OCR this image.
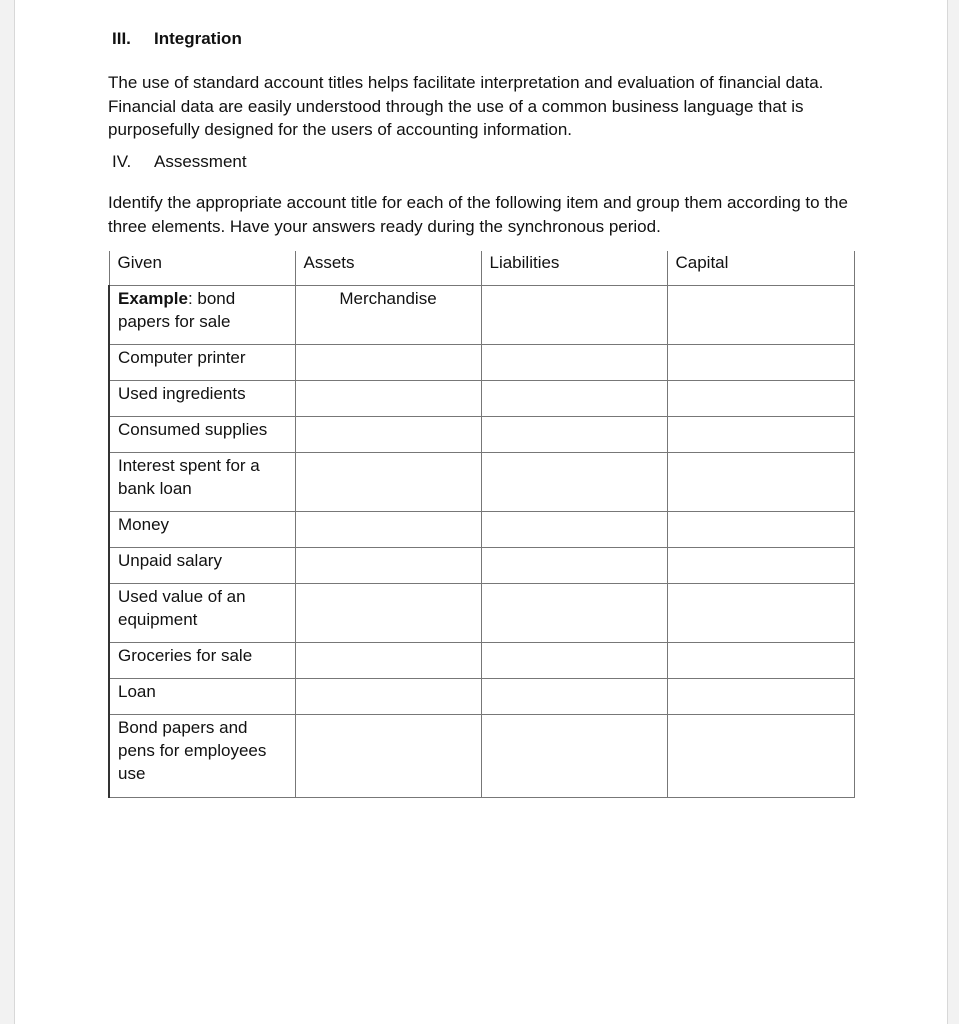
III. Integration
The use of standard account titles helps facilitate interpretation and evaluation of financial data. Financial data are easily understood through the use of a common business language that is purposefully designed for the users of accounting information.
IV. Assessment
Identify the appropriate account title for each of the following item and group them according to the three elements. Have your answers ready during the synchronous period.
Given	Assets	Liabilities	Capital
Example: bond papers for sale	Merchandise		
Computer printer			
Used ingredients			
Consumed supplies			
Interest spent for a bank loan			
Money			
Unpaid salary			
Used value of an equipment			
Groceries for sale			
Loan			
Bond papers and pens for employees use			
